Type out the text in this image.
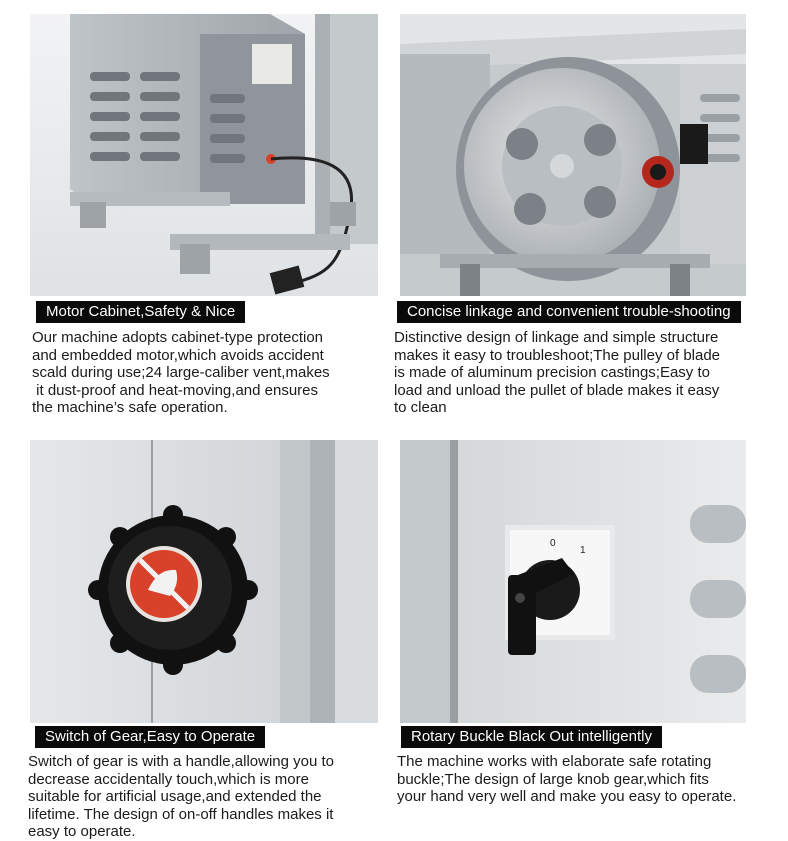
Motor Cabinet,Safety & Nice
Our machine adopts cabinet-type protection
and embedded motor,which avoids accident
scald during use;24 large-caliber vent,makes
it dust-proof and heat-moving,and ensures
the machine’s safe operation.
Concise linkage and convenient trouble-shooting
Distinctive design of linkage and simple structure
makes it easy to troubleshoot;The pulley of blade
is made of aluminum precision castings;Easy to
load and unload the pullet of blade makes it easy
to clean
Switch of Gear,Easy to Operate
Switch of gear is with a handle,allowing you to
decrease accidentally touch,which is more
suitable for artificial usage,and extended the
lifetime. The design of on-off handles makes it
easy to operate.
0
1
Rotary Buckle Black Out intelligently
The machine works with elaborate safe rotating
buckle;The design of large knob gear,which fits
your hand very well and make you easy to operate.
